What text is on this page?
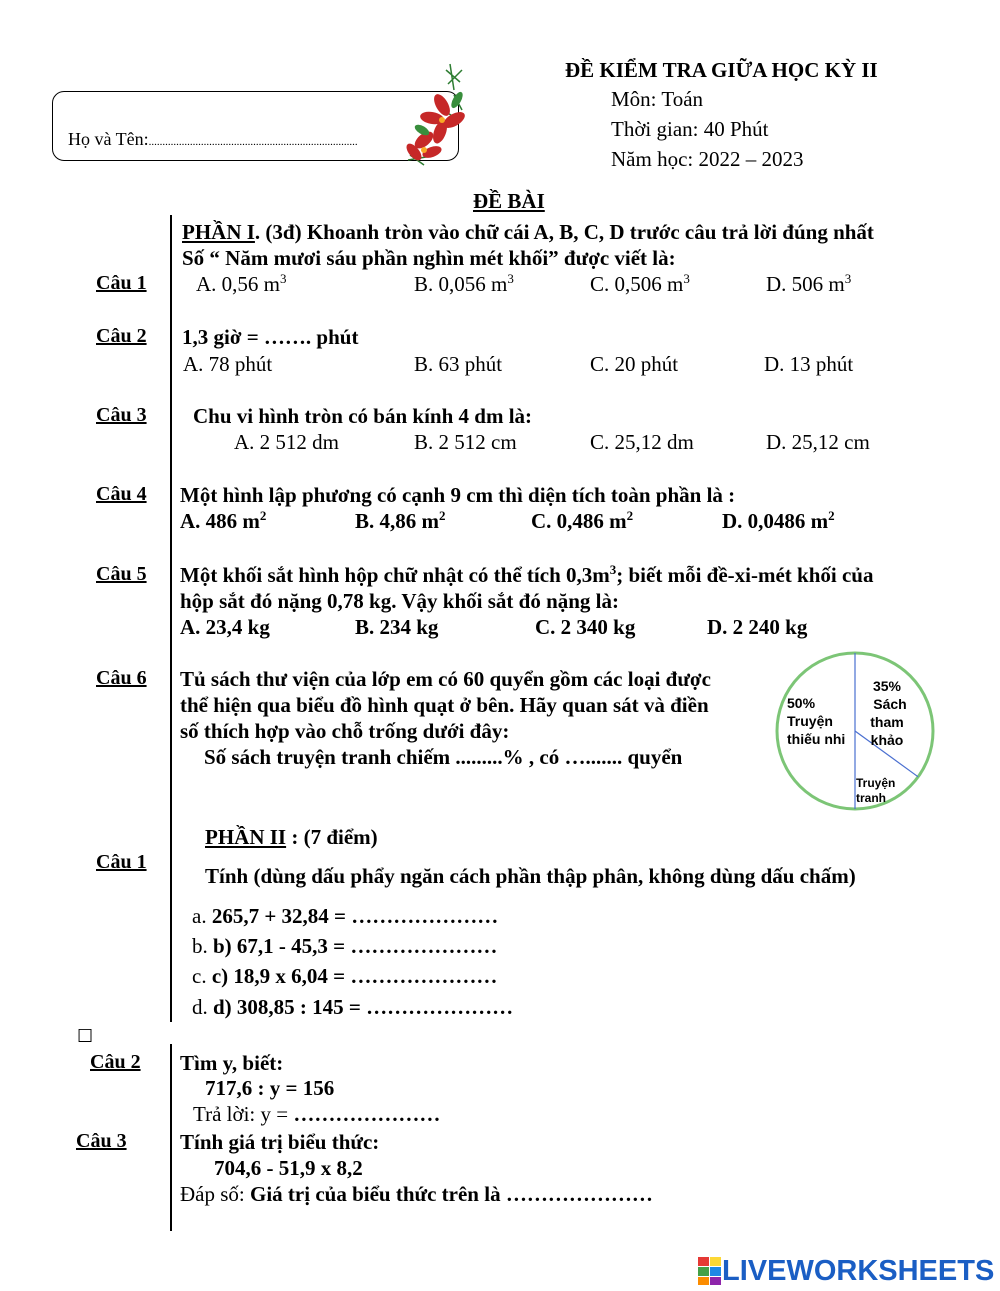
ĐỀ KIỂM TRA GIỮA HỌC KỲ II
Môn: Toán
Thời gian: 40 Phút
Năm học: 2022 – 2023
Họ và Tên:............................................................................
ĐỀ BÀI
PHẦN I. (3đ) Khoanh tròn vào chữ cái A, B, C, D trước câu trả lời đúng nhất
Số “ Năm mươi sáu phần nghìn mét khối” được viết là:
Câu 1 A. 0,56 $m^3$	B. 0,056 $m^3$	C. 0,506 $m^3$	D. 506 $m^3$
Câu 2 1,3 giờ = ……. phút
A. 78 phút	B. 63 phút	C. 20 phút	D. 13 phút
Câu 3 Chu vi hình tròn có bán kính 4 dm là:
A. 2 512 dm	B. 2 512 cm	C. 25,12 dm	D. 25,12 cm
Câu 4 Một hình lập phương có cạnh 9 cm thì diện tích toàn phần là :
A. 486 $m^2$	B. 4,86 $m^2$	C. 0,486 $m^2$	D. 0,0486 $m^2$
Câu 5 Một khối sắt hình hộp chữ nhật có thể tích $0,3m^3$; biết mỗi đề-xi-mét khối của
hộp sắt đó nặng 0,78 kg. Vậy khối sắt đó nặng là:
A. 23,4 kg	B. 234 kg	C. 2 340 kg	D. 2 240 kg
Câu 6 Tủ sách thư viện của lớp em có 60 quyển gồm các loại được
thể hiện qua biểu đồ hình quạt ở bên. Hãy quan sát và điền
số thích hợp vào chỗ trống dưới đây:
Số sách truyện tranh chiếm .........% , có …....... quyển
50%
Truyện
thiếu nhi
35%
Sách
tham
khảo
Truyện
tranh
PHẦN II : (7 điểm)
Câu 1
Tính (dùng dấu phẩy ngăn cách phần thập phân, không dùng dấu chấm)
a. 265,7 + 32,84 = …………………
b. b) 67,1 - 45,3 = …………………
c. c) 18,9 x 6,04 = …………………
d. d) 308,85 : 145 = …………………
☐
Câu 2 Tìm y, biết:
717,6 : y = 156
Trả lời: y = …………………
Câu 3	Tính giá trị biểu thức:
704,6 - 51,9 x 8,2
Đáp số: Giá trị của biểu thức trên là …………………
LIVEWORKSHEETS
